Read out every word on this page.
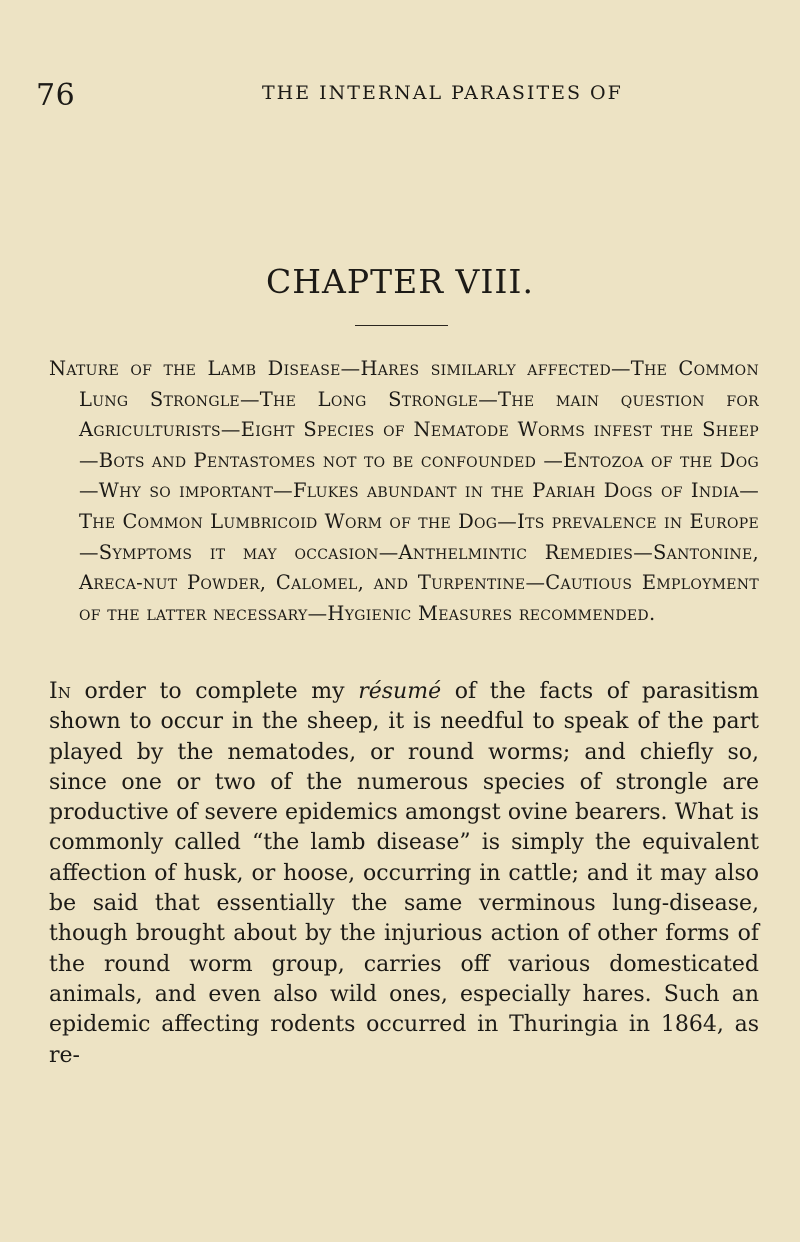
76	THE INTERNAL PARASITES OF
CHAPTER VIII.

Nature of the Lamb Disease—Hares similarly affected—The Common Lung Strongle—The Long Strongle—The main question for Agriculturists—Eight Species of Nematode Worms infest the Sheep—Bots and Pentastomes not to be confounded —Entozoa of the Dog—Why so important—Flukes abundant in the Pariah Dogs of India—The Common Lumbricoid Worm of the Dog—Its prevalence in Europe—Symptoms it may occasion—Anthelmintic Remedies—Santonine, Areca-nut Powder, Calomel, and Turpentine—Cautious Employment of the latter necessary—Hygienic Measures recommended.

In order to complete my résumé of the facts of parasitism shown to occur in the sheep, it is needful to speak of the part played by the nematodes, or round worms; and chiefly so, since one or two of the numerous species of strongle are productive of severe epidemics amongst ovine bearers. What is commonly called “the lamb disease” is simply the equivalent affection of husk, or hoose, occurring in cattle; and it may also be said that essentially the same verminous lung-disease, though brought about by the injurious action of other forms of the round worm group, carries off various domesticated animals, and even also wild ones, especially hares. Such an epidemic affecting rodents occurred in Thuringia in 1864, as re-
